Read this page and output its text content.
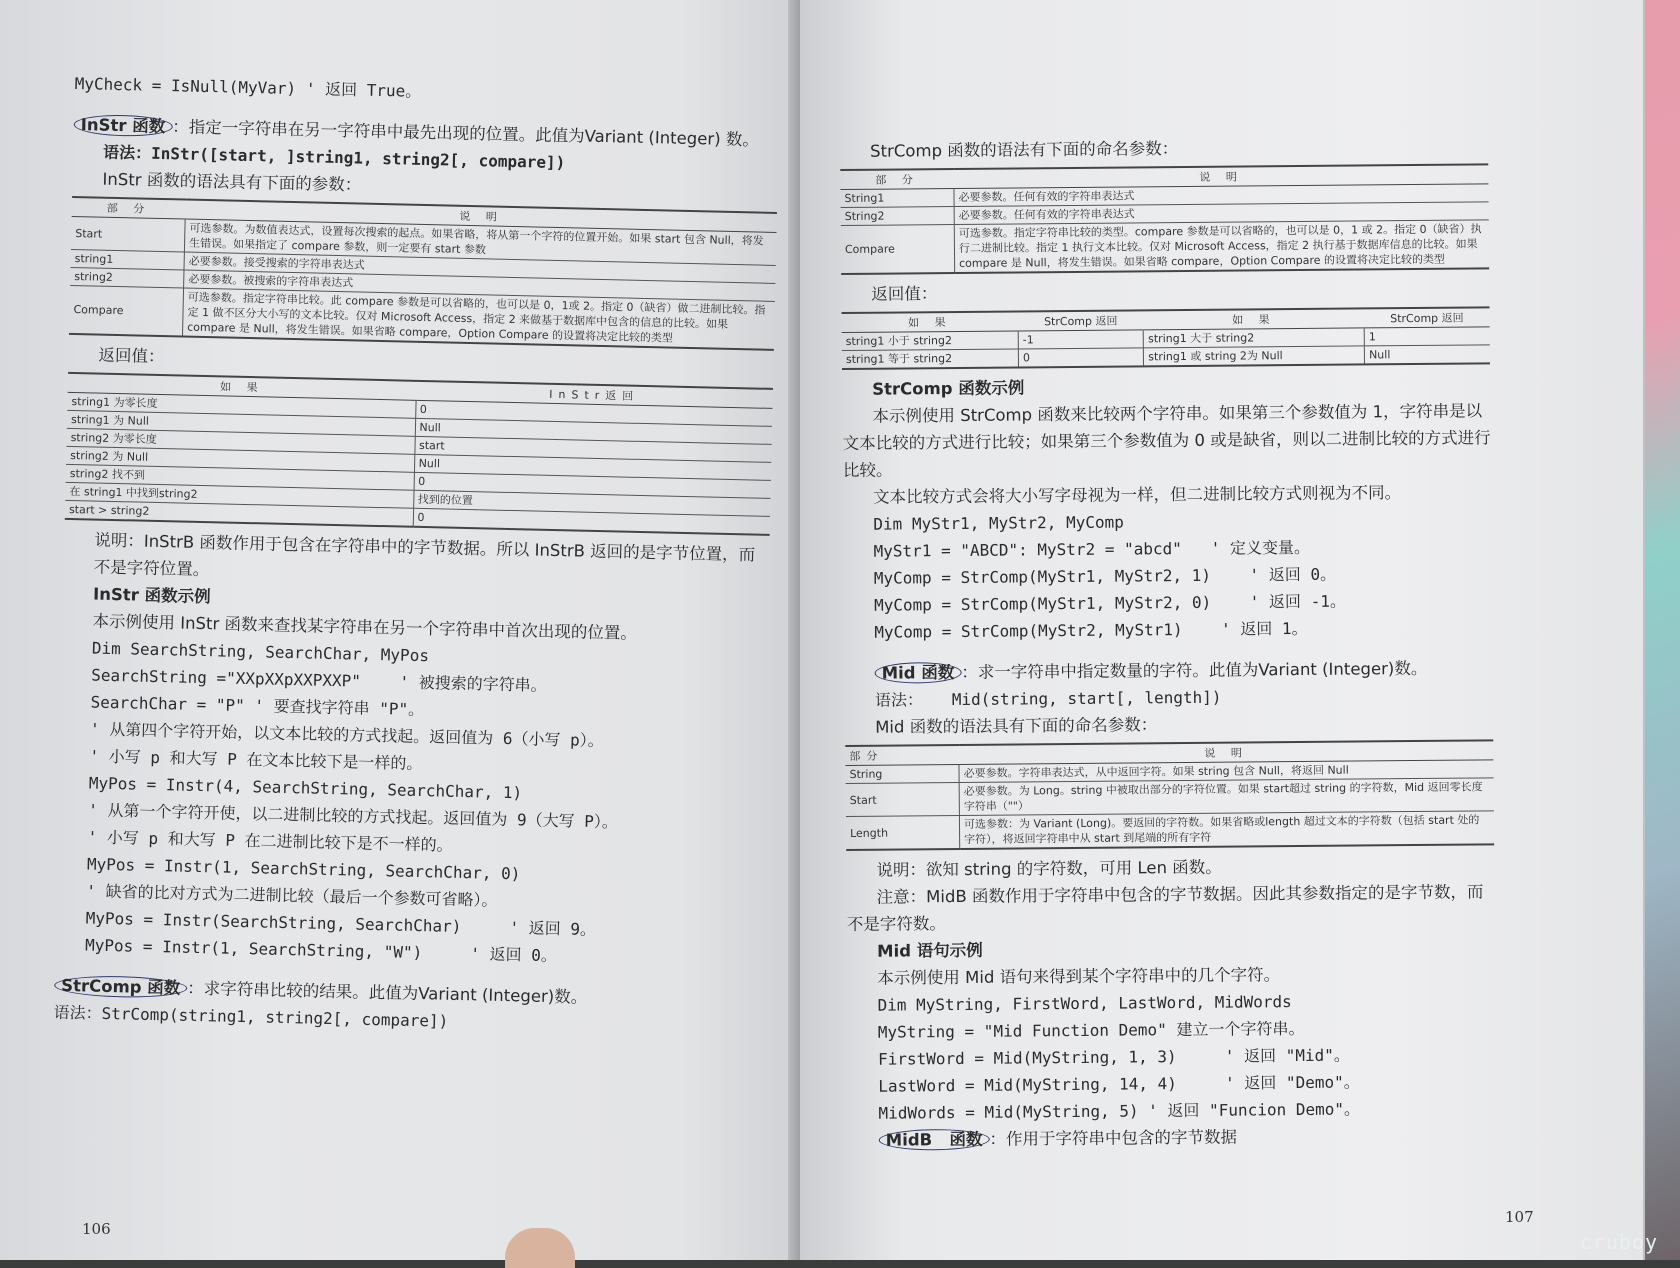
MyCheck = IsNull(MyVar) ' 返回 True。

InStr 函数 ：指定一字符串在另一字符串中最先出现的位置。此值为Variant (Integer) 数。

语法：InStr([start, ]string1, string2[, compare])

InStr 函数的语法具有下面的参数：

部 分	说 明
Start	可选参数。为数值表达式，设置每次搜索的起点。如果省略，将从第一个字符的位置开始。如果 start 包含 Null，将发生错误。如果指定了 compare 参数，则一定要有 start 参数
string1	必要参数。接受搜索的字符串表达式
string2	必要参数。被搜索的字符串表达式
Compare	可选参数。指定字符串比较。此 compare 参数是可以省略的，也可以是 0，1或 2。指定 0（缺省）做二进制比较。指定 1 做不区分大小写的文本比较。仅对 Microsoft Access，指定 2 来做基于数据库中包含的信息的比较。如果 compare 是 Null，将发生错误。如果省略 compare，Option Compare 的设置将决定比较的类型

返回值：

如 果	InStr返回
string1 为零长度	0
string1 为 Null	Null
string2 为零长度	start
string2 为 Null	Null
string2 找不到	0
在 string1 中找到string2	找到的位置
start > string2	0

说明：InStrB 函数作用于包含在字符串中的字节数据。所以 InStrB 返回的是字节位置，而不是字符位置。

InStr 函数示例

本示例使用 InStr 函数来查找某字符串在另一个字符串中首次出现的位置。

Dim SearchString, SearchChar, MyPos

SearchString ="XXpXXpXXPXXP"    ' 被搜索的字符串。

SearchChar = "P" ' 要查找字符串 "P"。

' 从第四个字符开始，以文本比较的方式找起。返回值为 6（小写 p）。

' 小写 p 和大写 P 在文本比较下是一样的。

MyPos = Instr(4, SearchString, SearchChar, 1)

' 从第一个字符开使，以二进制比较的方式找起。返回值为 9（大写 P）。

' 小写 p 和大写 P 在二进制比较下是不一样的。

MyPos = Instr(1, SearchString, SearchChar, 0)

' 缺省的比对方式为二进制比较（最后一个参数可省略）。

MyPos = Instr(SearchString, SearchChar)     ' 返回 9。

MyPos = Instr(1, SearchString, "W")     ' 返回 0。

StrComp 函数 ：求字符串比较的结果。此值为Variant (Integer)数。

语法：StrComp(string1, string2[, compare])

106

StrComp 函数的语法有下面的命名参数：

部 分	说 明
String1	必要参数。任何有效的字符串表达式
String2	必要参数。任何有效的字符串表达式
Compare	可选参数。指定字符串比较的类型。compare 参数是可以省略的，也可以是 0，1 或 2。指定 0（缺省）执行二进制比较。指定 1 执行文本比较。仅对 Microsoft Access，指定 2 执行基于数据库信息的比较。如果 compare 是 Null，将发生错误。如果省略 compare，Option Compare 的设置将决定比较的类型

返回值：

如 果	StrComp 返回	如 果	StrComp 返回
string1 小于 string2	-1	string1 大于 string2	1
string1 等于 string2	0	string1 或 string 2为 Null	Null

StrComp 函数示例

本示例使用 StrComp 函数来比较两个字符串。如果第三个参数值为 1，字符串是以文本比较的方式进行比较；如果第三个参数值为 0 或是缺省，则以二进制比较的方式进行比较。

文本比较方式会将大小写字母视为一样，但二进制比较方式则视为不同。

Dim MyStr1, MyStr2, MyComp

MyStr1 = "ABCD": MyStr2 = "abcd"   ' 定义变量。

MyComp = StrComp(MyStr1, MyStr2, 1)    ' 返回 0。

MyComp = StrComp(MyStr1, MyStr2, 0)    ' 返回 -1。

MyComp = StrComp(MyStr2, MyStr1)    ' 返回 1。

Mid 函数 ：求一字符串中指定数量的字符。此值为Variant (Integer)数。

语法：   Mid(string, start[, length])

Mid 函数的语法具有下面的命名参数：

部分	说 明
String	必要参数。字符串表达式，从中返回字符。如果 string 包含 Null，将返回 Null
Start	必要参数。为 Long。string 中被取出部分的字符位置。如果 start超过 string 的字符数，Mid 返回零长度字符串（""）
Length	可选参数：为 Variant (Long)。要返回的字符数。如果省略或length 超过文本的字符数（包括 start 处的字符），将返回字符串中从 start 到尾端的所有字符

说明：欲知 string 的字符数，可用 Len 函数。

注意：MidB 函数作用于字符串中包含的字节数据。因此其参数指定的是字节数，而不是字符数。

Mid 语句示例

本示例使用 Mid 语句来得到某个字符串中的几个字符。

Dim MyString, FirstWord, LastWord, MidWords

MyString = "Mid Function Demo" 建立一个字符串。

FirstWord = Mid(MyString, 1, 3)     ' 返回 "Mid"。

LastWord = Mid(MyString, 14, 4)     ' 返回 "Demo"。

MidWords = Mid(MyString, 5) ' 返回 "Funcion Demo"。

MidB   函数 ：作用于字符串中包含的字节数据

107
cruboy
